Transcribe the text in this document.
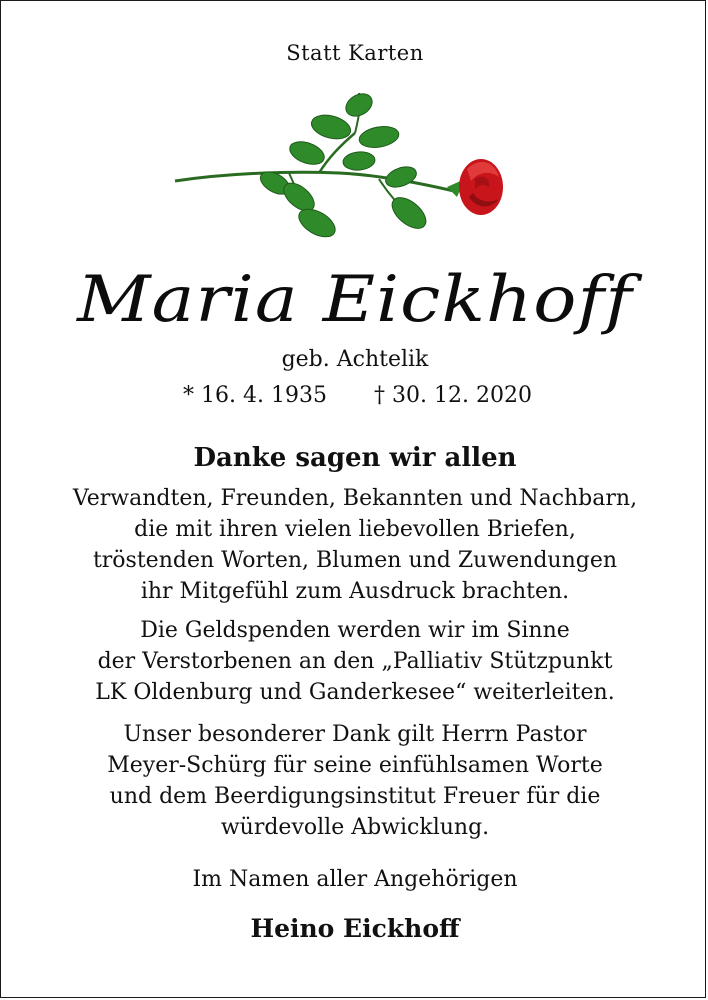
Statt Karten
Maria Eickhoff
geb. Achtelik
* 16. 4. 1935 † 30. 12. 2020
Danke sagen wir allen
Verwandten, Freunden, Bekannten und Nachbarn,
die mit ihren vielen liebevollen Briefen,
tröstenden Worten, Blumen und Zuwendungen
ihr Mitgefühl zum Ausdruck brachten.
Die Geldspenden werden wir im Sinne
der Verstorbenen an den „Palliativ Stützpunkt
LK Oldenburg und Ganderkesee“ weiterleiten.
Unser besonderer Dank gilt Herrn Pastor
Meyer-Schürg für seine einfühlsamen Worte
und dem Beerdigungsinstitut Freuer für die
würdevolle Abwicklung.
Im Namen aller Angehörigen
Heino Eickhoff
